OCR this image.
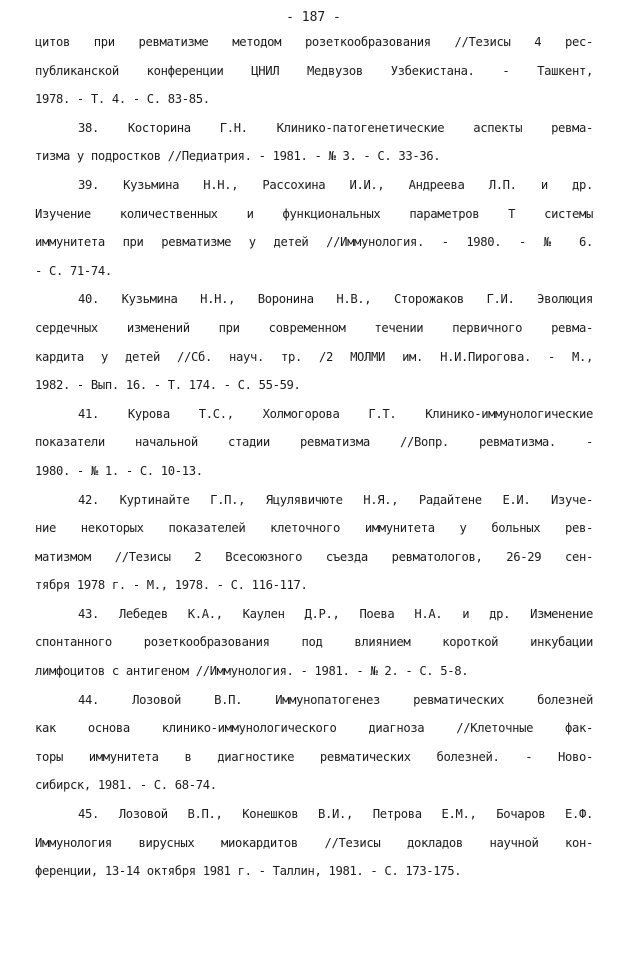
- 187 -
цитов при ревматизме методом розеткообразования //Тезисы 4 рес-
публиканской конференции ЦНИЛ Медвузов Узбекистана. - Ташкент,
1978. - Т. 4. - С. 83-85.
38. Косторина Г.Н. Клинико-патогенетические аспекты ревма-
тизма у подростков //Педиатрия. - 1981. - № 3. - С. 33-36.
39. Кузьмина Н.Н., Рассохина И.И., Андреева Л.П. и др.
Изучение количественных и функциональных параметров Т системы
иммунитета при ревматизме у детей //Иммунология. - 1980. - № 6.
- С. 71-74.
40. Кузьмина Н.Н., Воронина Н.В., Сторожаков Г.И. Эволюция
сердечных изменений при современном течении первичного ревма-
кардита у детей //Сб. науч. тр. /2 МОЛМИ им. Н.И.Пирогова. - М.,
1982. - Вып. 16. - Т. 174. - С. 55-59.
41. Курова Т.С., Холмогорова Г.Т. Клинико-иммунологические
показатели начальной стадии ревматизма //Вопр. ревматизма. -
1980. - № 1. - С. 10-13.
42. Куртинайте Г.П., Яцулявичюте Н.Я., Радайтене Е.И. Изуче-
ние некоторых показателей клеточного иммунитета у больных рев-
матизмом //Тезисы 2 Всесоюзного съезда ревматологов, 26-29 сен-
тября 1978 г. - М., 1978. - С. 116-117.
43. Лебедев К.А., Каулен Д.Р., Поева Н.А. и др. Изменение
спонтанного розеткообразования под влиянием короткой инкубации
лимфоцитов с антигеном //Иммунология. - 1981. - № 2. - С. 5-8.
44. Лозовой В.П. Иммунопатогенез ревматических болезней
как основа клинико-иммунологического диагноза //Клеточные фак-
торы иммунитета в диагностике ревматических болезней. - Ново-
сибирск, 1981. - С. 68-74.
45. Лозовой В.П., Конешков В.И., Петрова Е.М., Бочаров Е.Ф.
Иммунология вирусных миокардитов //Тезисы докладов научной кон-
ференции, 13-14 октября 1981 г. - Таллин, 1981. - С. 173-175.
